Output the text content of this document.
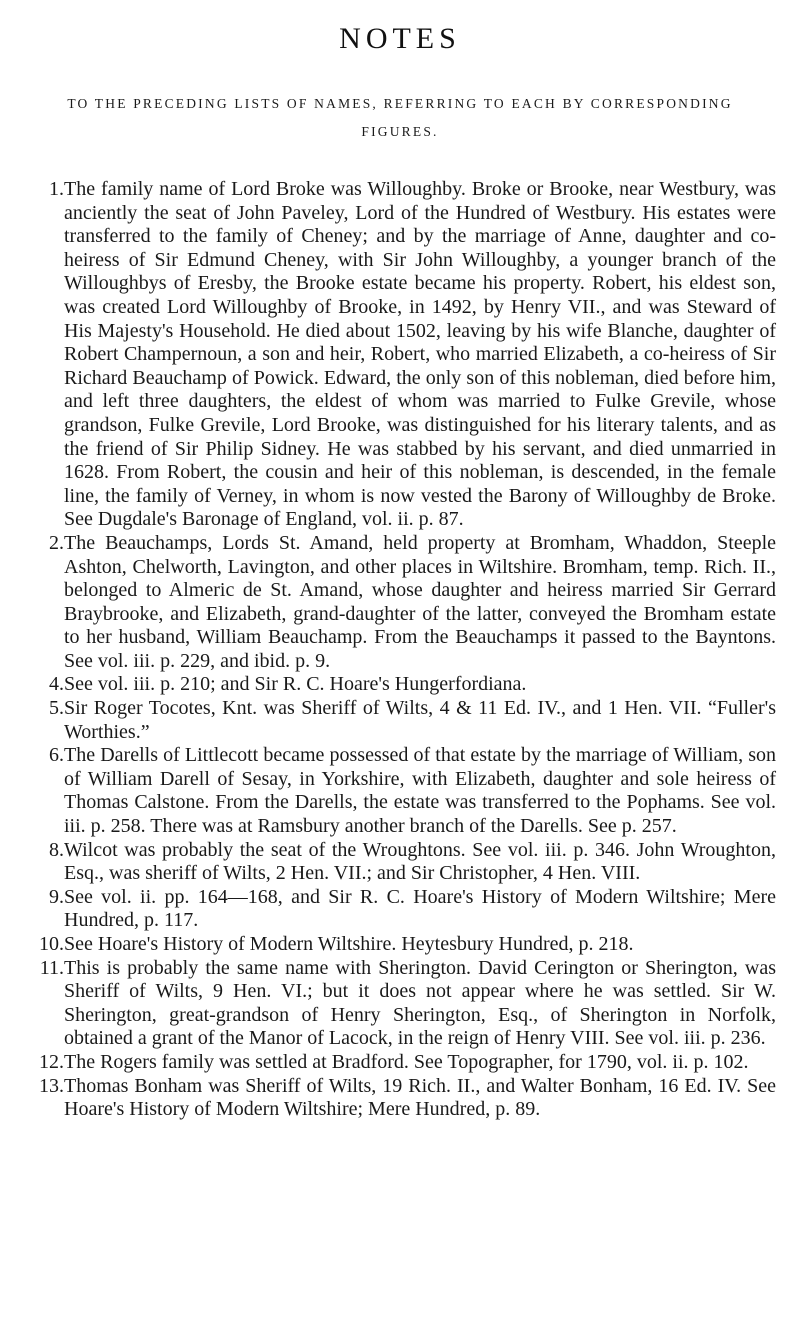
NOTES
TO THE PRECEDING LISTS OF NAMES, REFERRING TO EACH BY CORRESPONDING FIGURES.
1. The family name of Lord Broke was Willoughby. Broke or Brooke, near Westbury, was anciently the seat of John Paveley, Lord of the Hundred of Westbury. His estates were transferred to the family of Cheney; and by the marriage of Anne, daughter and co-heiress of Sir Edmund Cheney, with Sir John Willoughby, a younger branch of the Willoughbys of Eresby, the Brooke estate became his property. Robert, his eldest son, was created Lord Willoughby of Brooke, in 1492, by Henry VII., and was Steward of His Majesty's Household. He died about 1502, leaving by his wife Blanche, daughter of Robert Champernoun, a son and heir, Robert, who married Elizabeth, a co-heiress of Sir Richard Beauchamp of Powick. Edward, the only son of this nobleman, died before him, and left three daughters, the eldest of whom was married to Fulke Grevile, whose grandson, Fulke Grevile, Lord Brooke, was distinguished for his literary talents, and as the friend of Sir Philip Sidney. He was stabbed by his servant, and died unmarried in 1628. From Robert, the cousin and heir of this nobleman, is descended, in the female line, the family of Verney, in whom is now vested the Barony of Willoughby de Broke. See Dugdale's Baronage of England, vol. ii. p. 87.
2. The Beauchamps, Lords St. Amand, held property at Bromham, Whaddon, Steeple Ashton, Chelworth, Lavington, and other places in Wiltshire. Bromham, temp. Rich. II., belonged to Almeric de St. Amand, whose daughter and heiress married Sir Gerrard Braybrooke, and Elizabeth, grand-daughter of the latter, conveyed the Bromham estate to her husband, William Beauchamp. From the Beauchamps it passed to the Bayntons. See vol. iii. p. 229, and ibid. p. 9.
4. See vol. iii. p. 210; and Sir R. C. Hoare's Hungerfordiana.
5. Sir Roger Tocotes, Knt. was Sheriff of Wilts, 4 & 11 Ed. IV., and 1 Hen. VII. “Fuller's Worthies.”
6. The Darells of Littlecott became possessed of that estate by the marriage of William, son of William Darell of Sesay, in Yorkshire, with Elizabeth, daughter and sole heiress of Thomas Calstone. From the Darells, the estate was transferred to the Pophams. See vol. iii. p. 258. There was at Ramsbury another branch of the Darells. See p. 257.
8. Wilcot was probably the seat of the Wroughtons. See vol. iii. p. 346. John Wroughton, Esq., was sheriff of Wilts, 2 Hen. VII.; and Sir Christopher, 4 Hen. VIII.
9. See vol. ii. pp. 164—168, and Sir R. C. Hoare's History of Modern Wiltshire; Mere Hundred, p. 117.
10. See Hoare's History of Modern Wiltshire. Heytesbury Hundred, p. 218.
11. This is probably the same name with Sherington. David Cerington or Sherington, was Sheriff of Wilts, 9 Hen. VI.; but it does not appear where he was settled. Sir W. Sherington, great-grandson of Henry Sherington, Esq., of Sherington in Norfolk, obtained a grant of the Manor of Lacock, in the reign of Henry VIII. See vol. iii. p. 236.
12. The Rogers family was settled at Bradford. See Topographer, for 1790, vol. ii. p. 102.
13. Thomas Bonham was Sheriff of Wilts, 19 Rich. II., and Walter Bonham, 16 Ed. IV. See Hoare's History of Modern Wiltshire; Mere Hundred, p. 89.
